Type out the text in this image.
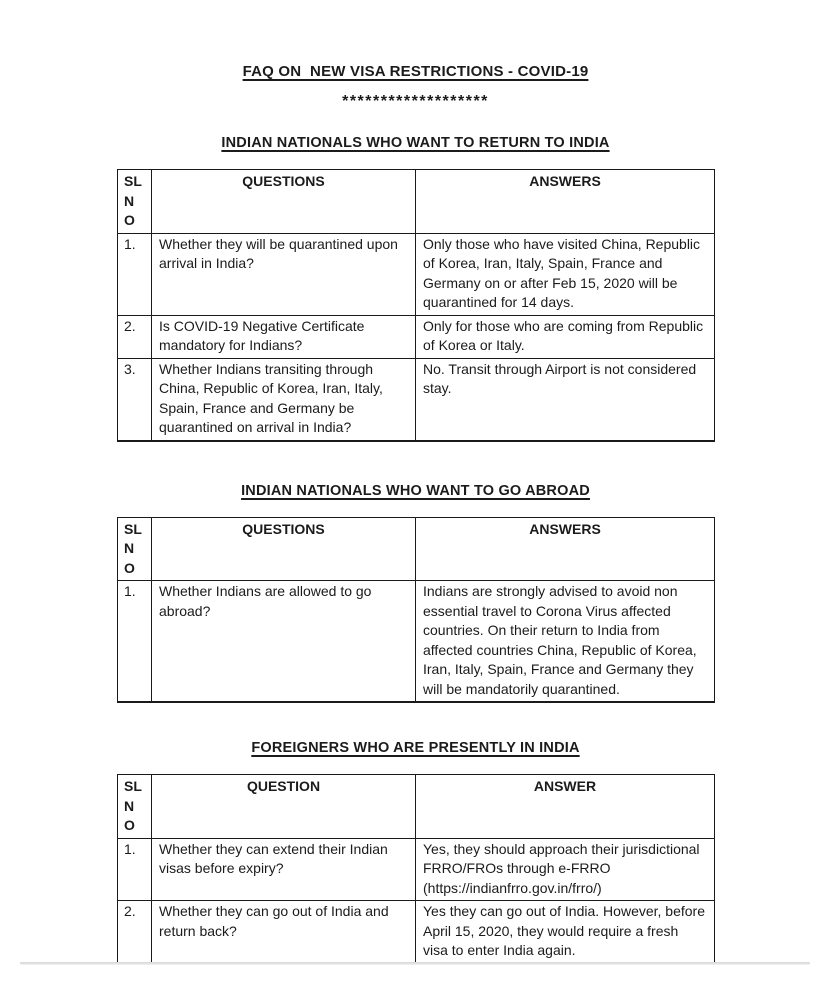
FAQ ON  NEW VISA RESTRICTIONS - COVID-19
*******************
INDIAN NATIONALS WHO WANT TO RETURN TO INDIA
SL NO	QUESTIONS	ANSWERS
1.	Whether they will be quarantined upon arrival in India?	Only those who have visited China, Republic of Korea, Iran, Italy, Spain, France and Germany on or after Feb 15, 2020 will be quarantined for 14 days.
2.	Is COVID-19 Negative Certificate mandatory for Indians?	Only for those who are coming from Republic of Korea or Italy.
3.	Whether Indians transiting through China, Republic of Korea, Iran, Italy, Spain, France and Germany be quarantined on arrival in India?	No. Transit through Airport is not considered stay.
INDIAN NATIONALS WHO WANT TO GO ABROAD
SL NO	QUESTIONS	ANSWERS
1.	Whether Indians are allowed to go abroad?	Indians are strongly advised to avoid non essential travel to Corona Virus affected countries. On their return to India from affected countries China, Republic of Korea, Iran, Italy, Spain, France and Germany they will be mandatorily quarantined.
FOREIGNERS WHO ARE PRESENTLY IN INDIA
SL NO	QUESTION	ANSWER
1.	Whether they can extend their Indian visas before expiry?	Yes, they should approach their jurisdictional FRRO/FROs through e-FRRO (https://indianfrro.gov.in/frro/)
2.	Whether they can go out of India and return back?	Yes they can go out of India. However, before April 15, 2020, they would require a fresh visa to enter India again.
